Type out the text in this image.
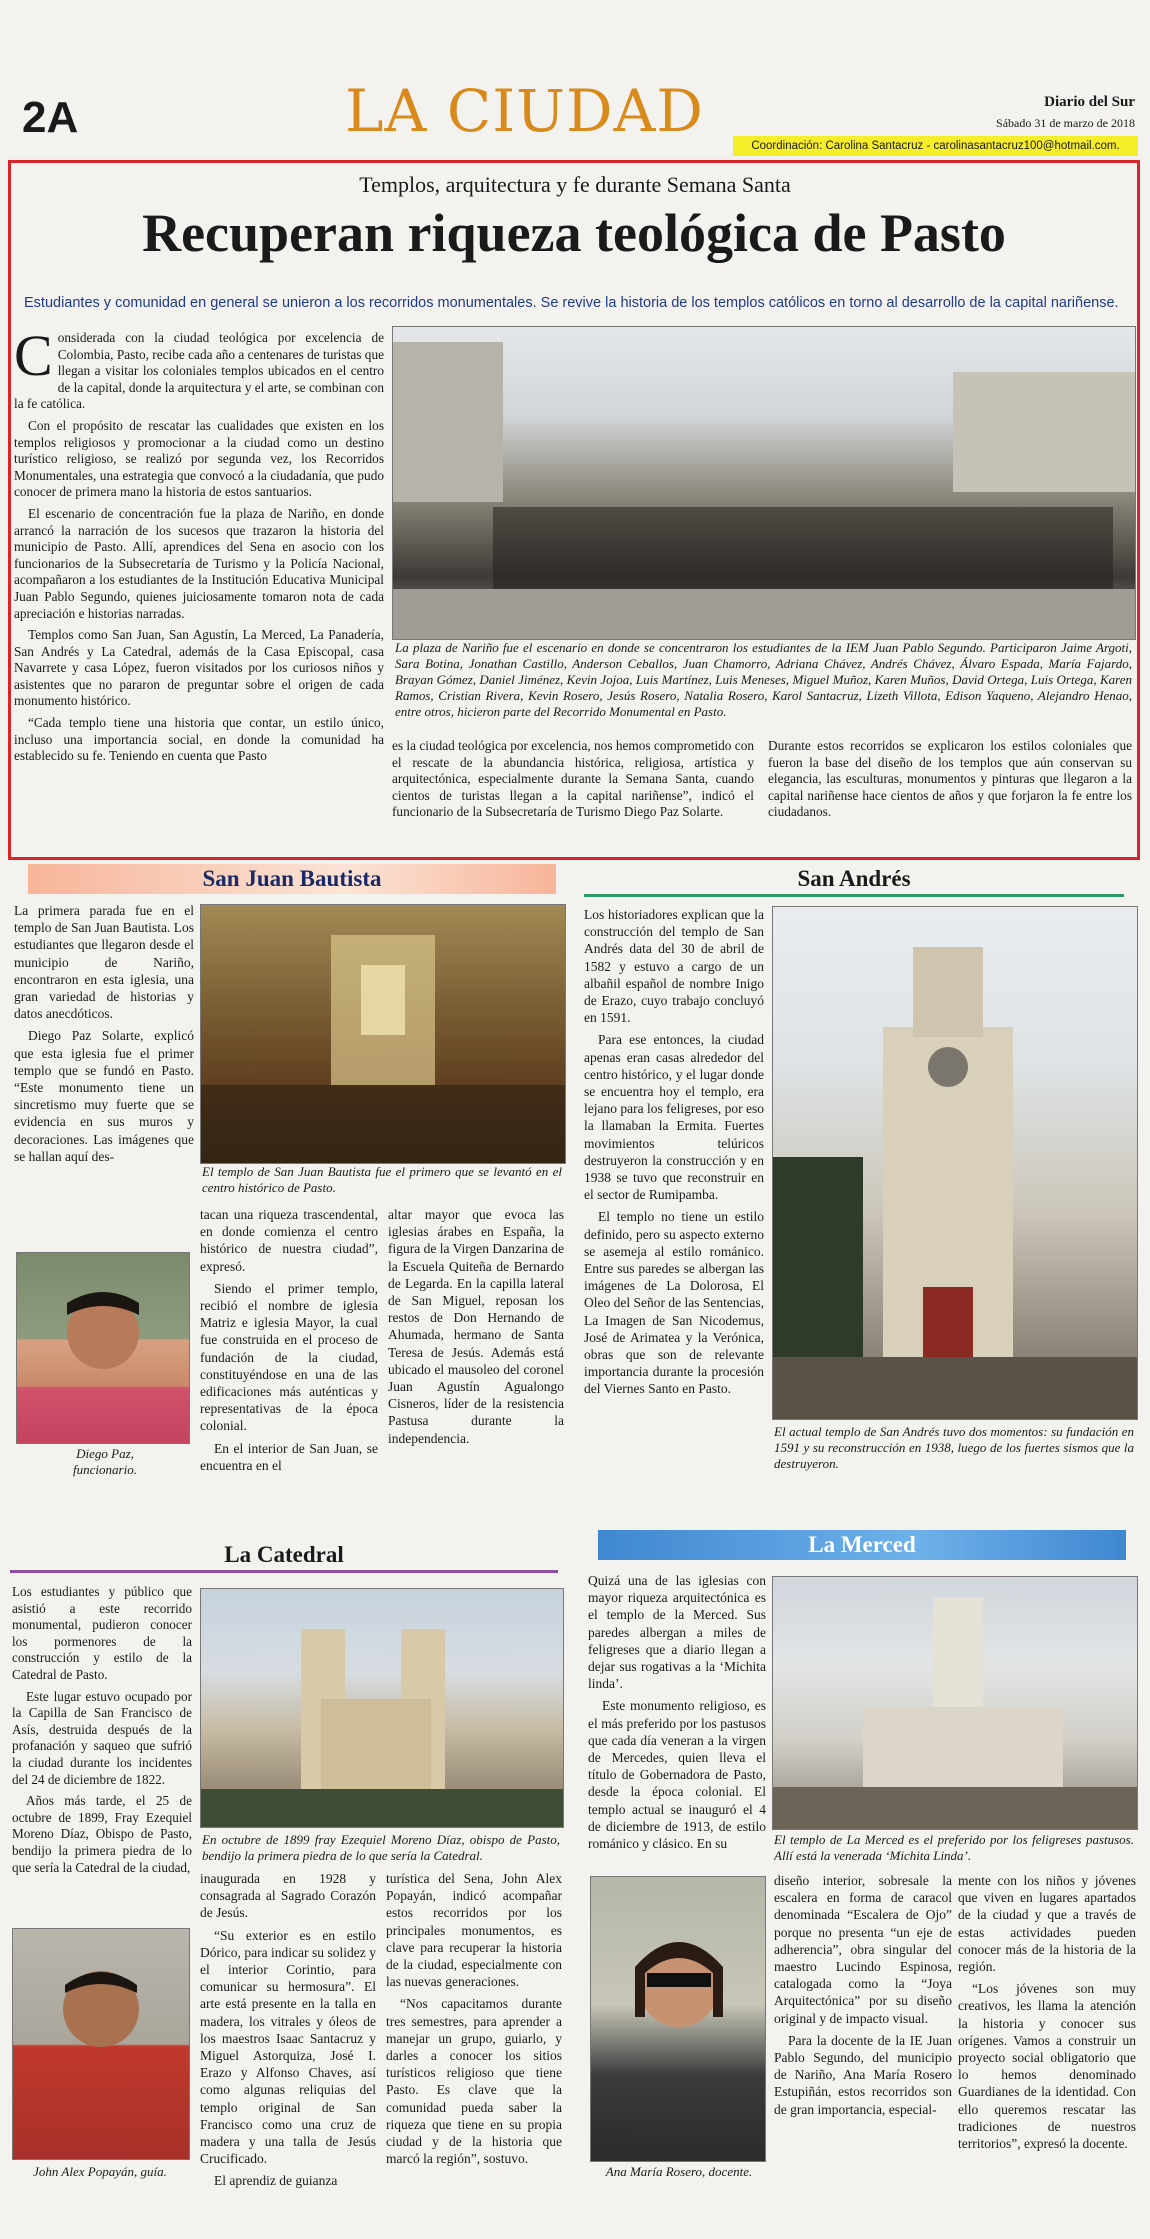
2A	LA CIUDAD	Diario del Sur
Sábado 31 de marzo de 2018
Coordinación: Carolina Santacruz - carolinasantacruz100@hotmail.com.
Templos, arquitectura y fe durante Semana Santa
Recuperan riqueza teológica de Pasto
Estudiantes y comunidad en general se unieron a los recorridos monumentales. Se revive la historia de los templos católicos en torno al desarrollo de la capital nariñense.

Considerada con la ciudad teológica por excelencia de Colombia, Pasto, recibe cada año a centenares de turistas que llegan a visitar los coloniales templos ubicados en el centro de la capital, donde la arquitectura y el arte, se combinan con la fe católica.

Con el propósito de rescatar las cualidades que existen en los templos religiosos y promocionar a la ciudad como un destino turístico religioso, se realizó por segunda vez, los Recorridos Monumentales, una estrategia que convocó a la ciudadanía, que pudo conocer de primera mano la historia de estos santuarios.

El escenario de concentración fue la plaza de Nariño, en donde arrancó la narración de los sucesos que trazaron la historia del municipio de Pasto. Allí, aprendices del Sena en asocio con los funcionarios de la Subsecretaría de Turismo y la Policía Nacional, acompañaron a los estudiantes de la Institución Educativa Municipal Juan Pablo Segundo, quienes juiciosamente tomaron nota de cada apreciación e historias narradas.

Templos como San Juan, San Agustín, La Merced, La Panadería, San Andrés y La Catedral, además de la Casa Episcopal, casa Navarrete y casa López, fueron visitados por los curiosos niños y asistentes que no pararon de preguntar sobre el origen de cada monumento histórico.

“Cada templo tiene una historia que contar, un estilo único, incluso una importancia social, en donde la comunidad ha establecido su fe. Teniendo en cuenta que Pasto

La plaza de Nariño fue el escenario en donde se concentraron los estudiantes de la IEM Juan Pablo Segundo. Participaron Jaime Argoti, Sara Botina, Jonathan Castillo, Anderson Ceballos, Juan Chamorro, Adriana Chávez, Andrés Chávez, Álvaro Espada, María Fajardo, Brayan Gómez, Daniel Jiménez, Kevin Jojoa, Luis Martínez, Luis Meneses, Miguel Muñoz, Karen Muños, David Ortega, Luis Ortega, Karen Ramos, Cristian Rivera, Kevin Rosero, Jesús Rosero, Natalia Rosero, Karol Santacruz, Lizeth Villota, Edison Yaqueno, Alejandro Henao, entre otros, hicieron parte del Recorrido Monumental en Pasto.

es la ciudad teológica por excelencia, nos hemos comprometido con el rescate de la abundancia histórica, religiosa, artística y arquitectónica, especialmente durante la Semana Santa, cuando cientos de turistas llegan a la capital nariñense”, indicó el funcionario de la Subsecretaría de Turismo Diego Paz Solarte.

Durante estos recorridos se explicaron los estilos coloniales que fueron la base del diseño de los templos que aún conservan su elegancia, las esculturas, monumentos y pinturas que llegaron a la capital nariñense hace cientos de años y que forjaron la fe entre los ciudadanos.

San Juan Bautista

La primera parada fue en el templo de San Juan Bautista. Los estudiantes que llegaron desde el municipio de Nariño, encontraron en esta iglesia, una gran variedad de historias y datos anecdóticos.

Diego Paz Solarte, explicó que esta iglesia fue el primer templo que se fundó en Pasto. “Este monumento tiene un sincretismo muy fuerte que se evidencia en sus muros y decoraciones. Las imágenes que se hallan aquí des-

El templo de San Juan Bautista fue el primero que se levantó en el centro histórico de Pasto.
Diego Paz, funcionario.

tacan una riqueza trascendental, en donde comienza el centro histórico de nuestra ciudad”, expresó.

Siendo el primer templo, recibió el nombre de iglesia Matriz e iglesia Mayor, la cual fue construida en el proceso de fundación de la ciudad, constituyéndose en una de las edificaciones más auténticas y representativas de la época colonial.

En el interior de San Juan, se encuentra en el

altar mayor que evoca las iglesias árabes en España, la figura de la Virgen Danzarina de la Escuela Quiteña de Bernardo de Legarda. En la capilla lateral de San Miguel, reposan los restos de Don Hernando de Ahumada, hermano de Santa Teresa de Jesús. Además está ubicado el mausoleo del coronel Juan Agustín Agualongo Cisneros, líder de la resistencia Pastusa durante la independencia.

San Andrés

Los historiadores explican que la construcción del templo de San Andrés data del 30 de abril de 1582 y estuvo a cargo de un albañil español de nombre Inigo de Erazo, cuyo trabajo concluyó en 1591.

Para ese entonces, la ciudad apenas eran casas alrededor del centro histórico, y el lugar donde se encuentra hoy el templo, era lejano para los feligreses, por eso la llamaban la Ermita. Fuertes movimientos telúricos destruyeron la construcción y en 1938 se tuvo que reconstruir en el sector de Rumipamba.

El templo no tiene un estilo definido, pero su aspecto externo se asemeja al estilo románico. Entre sus paredes se albergan las imágenes de La Dolorosa, El Oleo del Señor de las Sentencias, La Imagen de San Nicodemus, José de Arimatea y la Verónica, obras que son de relevante importancia durante la procesión del Viernes Santo en Pasto.

El actual templo de San Andrés tuvo dos momentos: su fundación en 1591 y su reconstrucción en 1938, luego de los fuertes sismos que la destruyeron.
La Catedral

Los estudiantes y público que asistió a este recorrido monumental, pudieron conocer los pormenores de la construcción y estilo de la Catedral de Pasto.

Este lugar estuvo ocupado por la Capilla de San Francisco de Asís, destruida después de la profanación y saqueo que sufrió la ciudad durante los incidentes del 24 de diciembre de 1822.

Años más tarde, el 25 de octubre de 1899, Fray Ezequiel Moreno Díaz, Obispo de Pasto, bendijo la primera piedra de lo que sería la Catedral de la ciudad,

En octubre de 1899 fray Ezequiel Moreno Díaz, obispo de Pasto, bendijo la primera piedra de lo que sería la Catedral.
John Alex Popayán, guía.

inaugurada en 1928 y consagrada al Sagrado Corazón de Jesús.

“Su exterior es en estilo Dórico, para indicar su solidez y el interior Corintio, para comunicar su hermosura”. El arte está presente en la talla en madera, los vitrales y óleos de los maestros Isaac Santacruz y Miguel Astorquiza, José I. Erazo y Alfonso Chaves, así como algunas reliquias del templo original de San Francisco como una cruz de madera y una talla de Jesús Crucificado.

El aprendiz de guianza

turística del Sena, John Alex Popayán, indicó acompañar estos recorridos por los principales monumentos, es clave para recuperar la historia de la ciudad, especialmente con las nuevas generaciones.

“Nos capacitamos durante tres semestres, para aprender a manejar un grupo, guiarlo, y darles a conocer los sitios turísticos religioso que tiene Pasto. Es clave que la comunidad pueda saber la riqueza que tiene en su propia ciudad y de la historia que marcó la región”, sostuvo.

La Merced

Quizá una de las iglesias con mayor riqueza arquitectónica es el templo de la Merced. Sus paredes albergan a miles de feligreses que a diario llegan a dejar sus rogativas a la ‘Michita linda’.

Este monumento religioso, es el más preferido por los pastusos que cada día veneran a la virgen de Mercedes, quien lleva el título de Gobernadora de Pasto, desde la época colonial. El templo actual se inauguró el 4 de diciembre de 1913, de estilo románico y clásico. En su	El templo de La Merced es el preferido por los feligreses pastusos. Allí está la venerada ‘Michita Linda’.
Ana María Rosero, docente.

diseño interior, sobresale la escalera en forma de caracol denominada “Escalera de Ojo” porque no presenta “un eje de adherencia”, obra singular del maestro Lucindo Espinosa, catalogada como la “Joya Arquitectónica” por su diseño original y de impacto visual.

Para la docente de la IE Juan Pablo Segundo, del municipio de Nariño, Ana María Rosero Estupiñán, estos recorridos son de gran importancia, especial-

mente con los niños y jóvenes que viven en lugares apartados de la ciudad y que a través de estas actividades pueden conocer más de la historia de la región.

“Los jóvenes son muy creativos, les llama la atención la historia y conocer sus orígenes. Vamos a construir un proyecto social obligatorio que lo hemos denominado Guardianes de la identidad. Con ello queremos rescatar las tradiciones de nuestros territorios”, expresó la docente.
